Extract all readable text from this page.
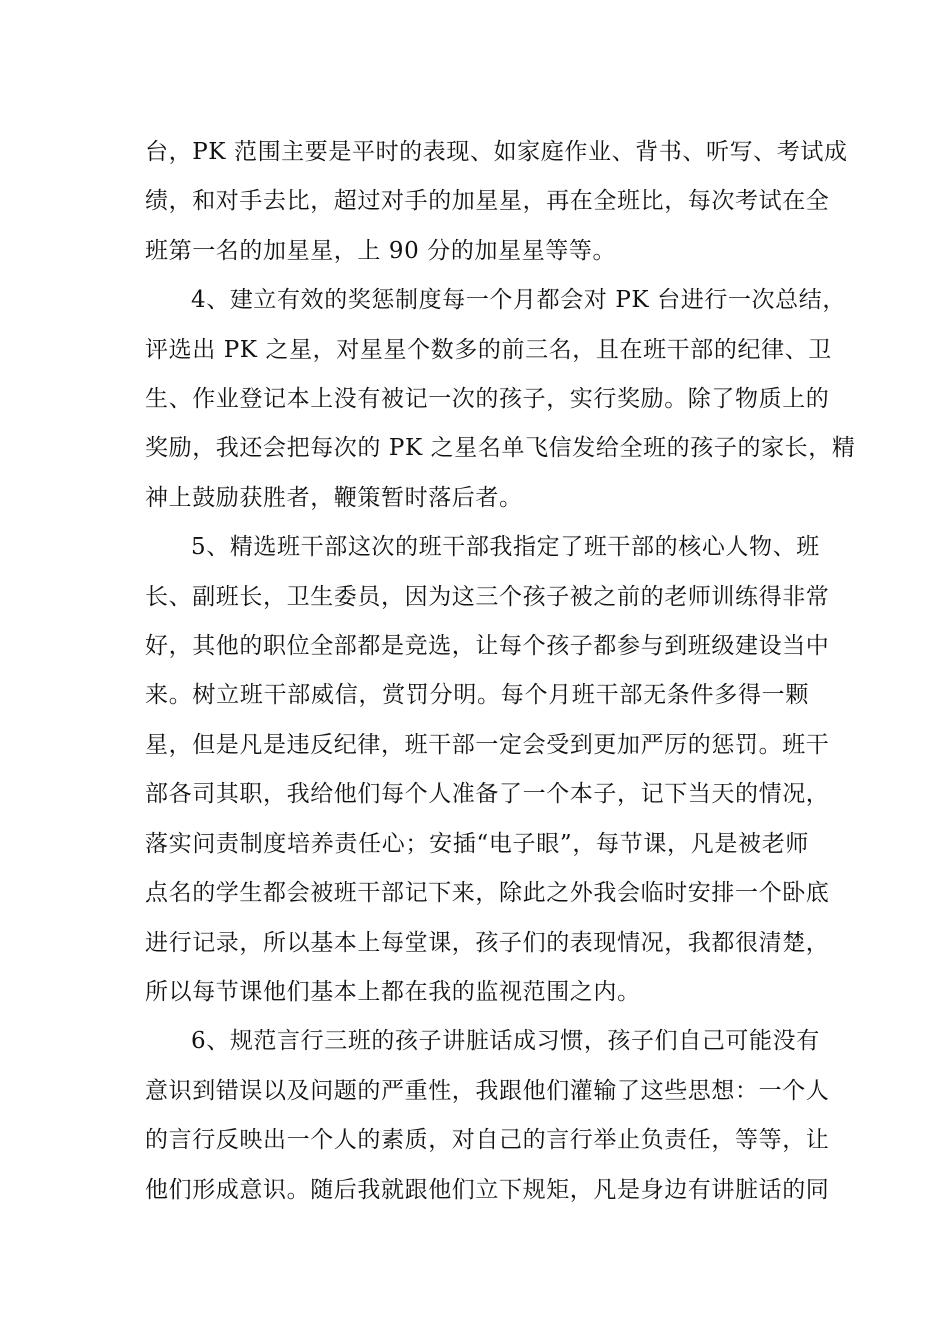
台，PK 范围主要是平时的表现、如家庭作业、背书、听写、考试成
绩，和对手去比，超过对手的加星星，再在全班比，每次考试在全
班第一名的加星星，上 90 分的加星星等等。
4、建立有效的奖惩制度每一个月都会对 PK 台进行一次总结，
评选出 PK 之星，对星星个数多的前三名，且在班干部的纪律、卫
生、作业登记本上没有被记一次的孩子，实行奖励。除了物质上的
奖励，我还会把每次的 PK 之星名单飞信发给全班的孩子的家长，精
神上鼓励获胜者，鞭策暂时落后者。
5、精选班干部这次的班干部我指定了班干部的核心人物、班
长、副班长，卫生委员，因为这三个孩子被之前的老师训练得非常
好，其他的职位全部都是竞选，让每个孩子都参与到班级建设当中
来。树立班干部威信，赏罚分明。每个月班干部无条件多得一颗
星，但是凡是违反纪律，班干部一定会受到更加严厉的惩罚。班干
部各司其职，我给他们每个人准备了一个本子，记下当天的情况，
落实问责制度培养责任心；安插“电子眼”，每节课，凡是被老师
点名的学生都会被班干部记下来，除此之外我会临时安排一个卧底
进行记录，所以基本上每堂课，孩子们的表现情况，我都很清楚，
所以每节课他们基本上都在我的监视范围之内。
6、规范言行三班的孩子讲脏话成习惯，孩子们自己可能没有
意识到错误以及问题的严重性，我跟他们灌输了这些思想：一个人
的言行反映出一个人的素质，对自己的言行举止负责任，等等，让
他们形成意识。随后我就跟他们立下规矩，凡是身边有讲脏话的同
